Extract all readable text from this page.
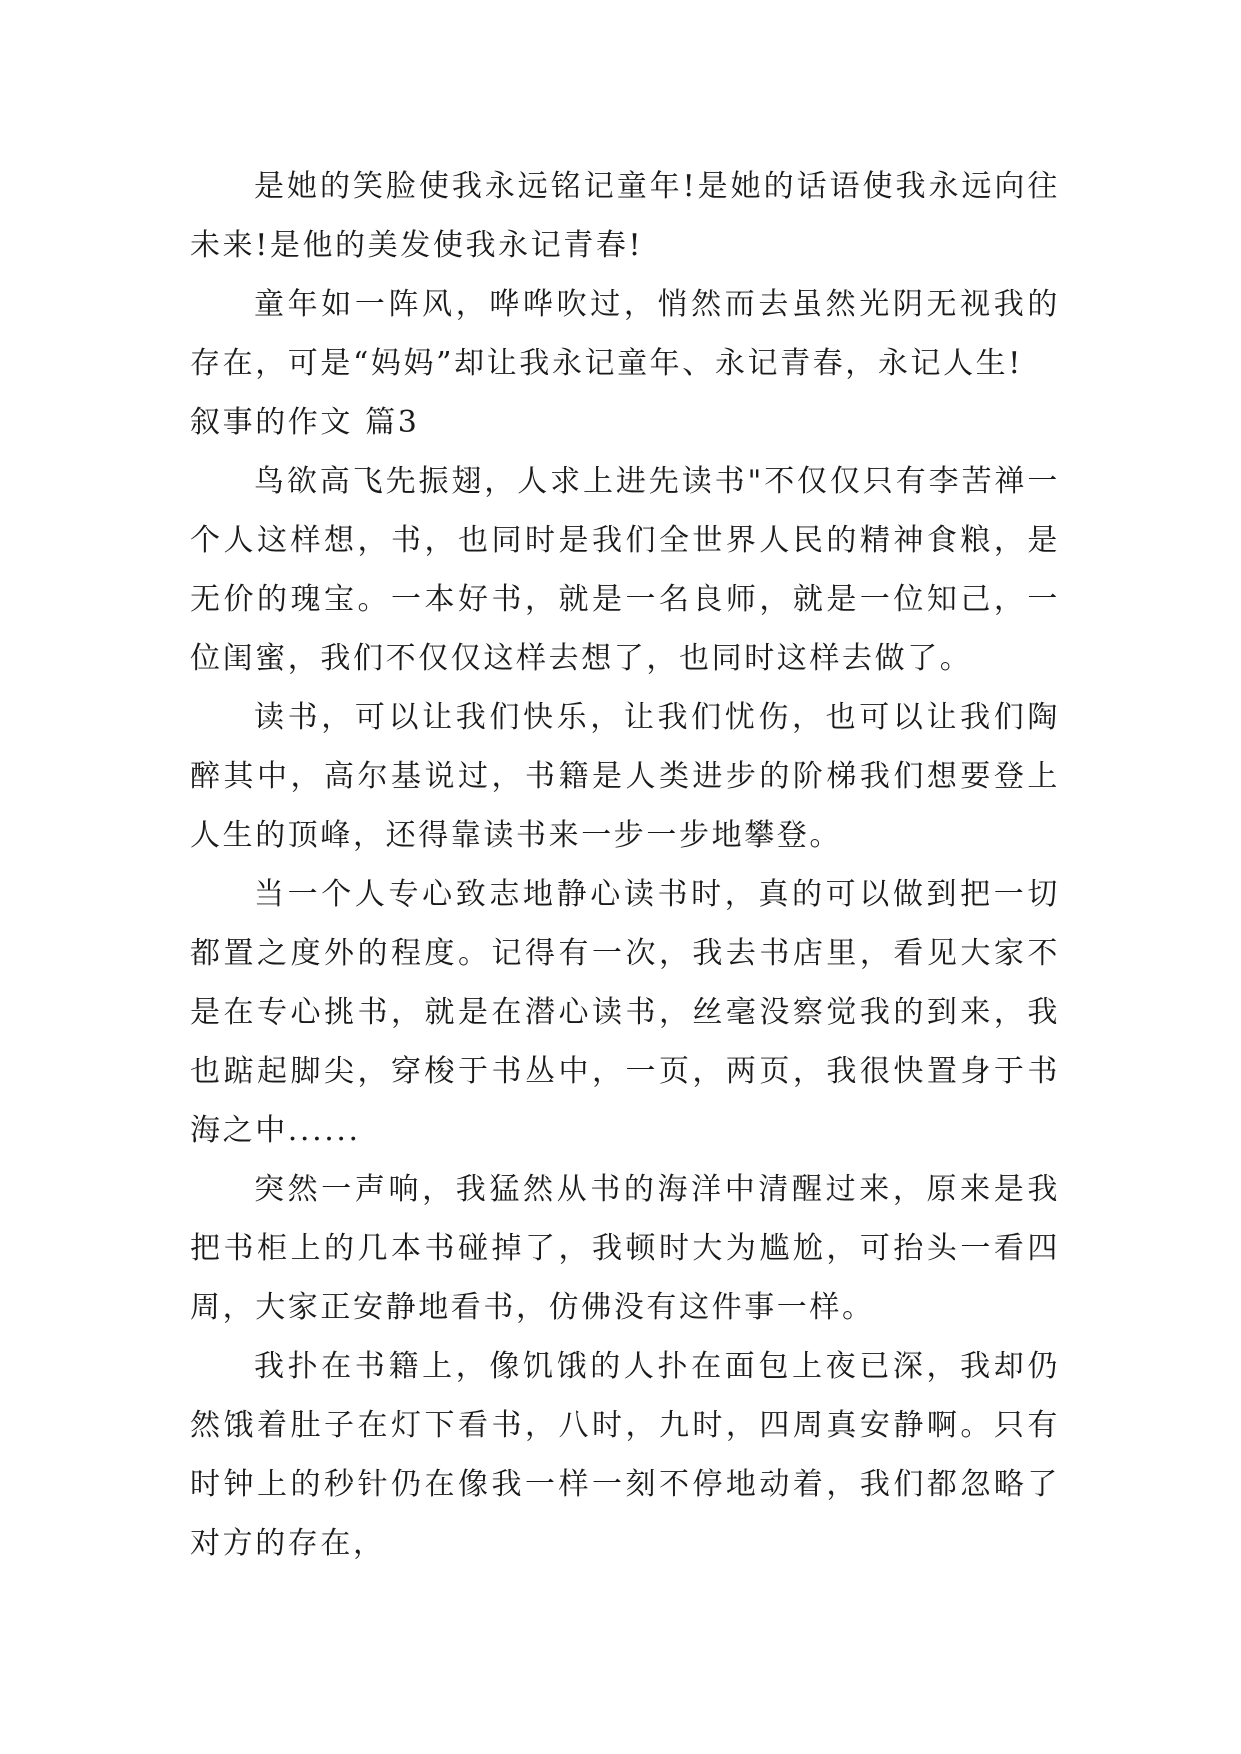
是她的笑脸使我永远铭记童年!是她的话语使我永远向往未来!是他的美发使我永记青春!

童年如一阵风，哗哗吹过，悄然而去虽然光阴无视我的存在，可是“妈妈”却让我永记童年、永记青春，永记人生!

叙事的作文 篇3

鸟欲高飞先振翅，人求上进先读书"不仅仅只有李苦禅一个人这样想，书，也同时是我们全世界人民的精神食粮，是无价的瑰宝。一本好书，就是一名良师，就是一位知己，一位闺蜜，我们不仅仅这样去想了，也同时这样去做了。

读书，可以让我们快乐，让我们忧伤，也可以让我们陶醉其中，高尔基说过，书籍是人类进步的阶梯我们想要登上人生的顶峰，还得靠读书来一步一步地攀登。

当一个人专心致志地静心读书时，真的可以做到把一切都置之度外的程度。记得有一次，我去书店里，看见大家不是在专心挑书，就是在潜心读书，丝毫没察觉我的到来，我也踮起脚尖，穿梭于书丛中，一页，两页，我很快置身于书海之中......

突然一声响，我猛然从书的海洋中清醒过来，原来是我把书柜上的几本书碰掉了，我顿时大为尴尬，可抬头一看四周，大家正安静地看书，仿佛没有这件事一样。

我扑在书籍上，像饥饿的人扑在面包上夜已深，我却仍然饿着肚子在灯下看书，八时，九时，四周真安静啊。只有时钟上的秒针仍在像我一样一刻不停地动着，我们都忽略了对方的存在，
